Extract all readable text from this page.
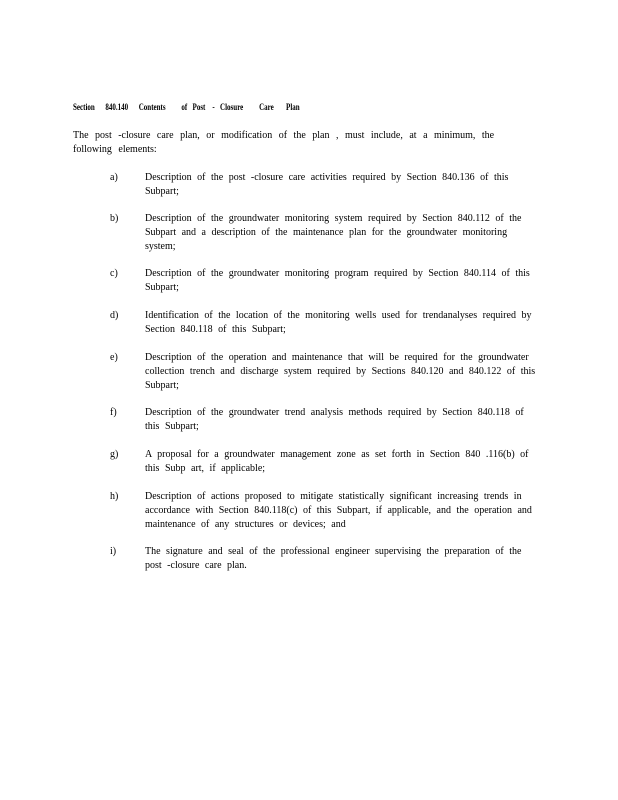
Section      840.140      Contents         of   Post    -   Closure         Care       Plan
The post -closure care plan, or modification of the plan , must include, at a minimum, the following elements:
a)	Description of the post -closure care activities required by Section 840.136 of this Subpart;
b)	Description of the groundwater monitoring system required by Section 840.112 of the Subpart and a description of the maintenance plan for the groundwater monitoring system;
c)	Description of the groundwater monitoring program required by Section 840.114 of this Subpart;
d)	Identification of the location of the monitoring wells used for trendanalyses required by Section 840.118 of this Subpart;
e)	Description of the operation and maintenance that will be required for the groundwater collection trench and discharge system required by Sections 840.120 and 840.122 of this Subpart;
f)	Description of the groundwater trend analysis methods required by Section 840.118 of this Subpart;
g)	A proposal for a groundwater management zone as set forth in Section 840 .116(b) of this Subp art, if applicable;
h)	Description of actions proposed to mitigate statistically significant increasing trends in accordance with Section 840.118(c) of this Subpart, if applicable, and the operation and maintenance of any structures or devices; and
i)	The signature and seal of the professional engineer supervising the preparation of the post -closure care plan.
